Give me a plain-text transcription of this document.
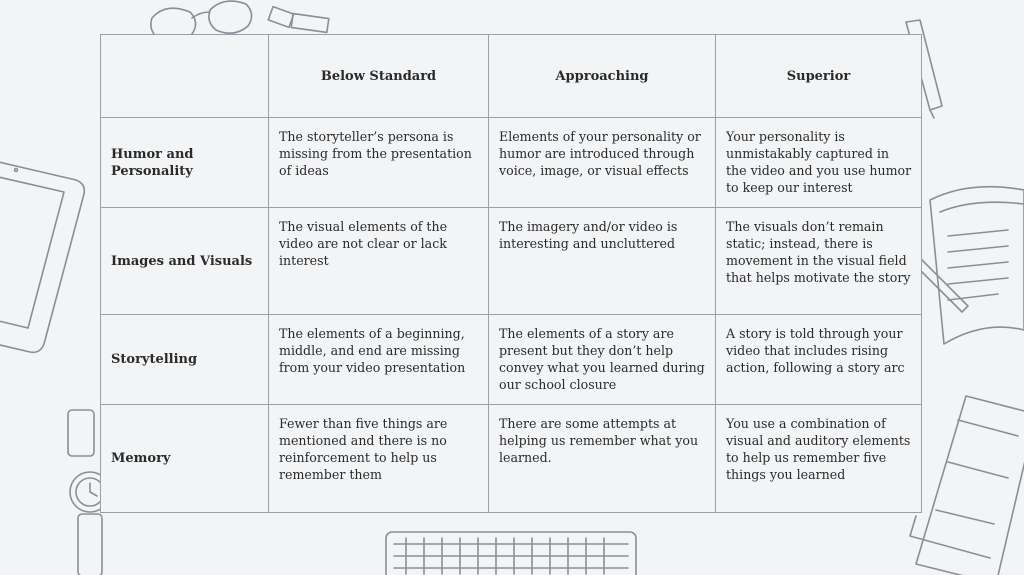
	Below Standard	Approaching	Superior
Humor and Personality	The storyteller’s persona is missing from the presentation of ideas	Elements of your personality or humor are introduced through voice, image, or visual effects	Your personality is unmistakably captured in the video and you use humor to keep our interest
Images and Visuals	The visual elements of the video are not clear or lack interest	The imagery and/or video is interesting and uncluttered	The visuals don’t remain static; instead, there is movement in the visual field that helps motivate the story
Storytelling	The elements of a beginning, middle, and end are missing from your video presentation	The elements of a story are present but they don’t help convey what you learned during our school closure	A story is told through your video that includes rising action, following a story arc
Memory	Fewer than five things are mentioned and there is no reinforcement to help us remember them	There are some attempts at helping us remember what you learned.	You use a combination of visual and auditory elements to help us remember five things you learned
